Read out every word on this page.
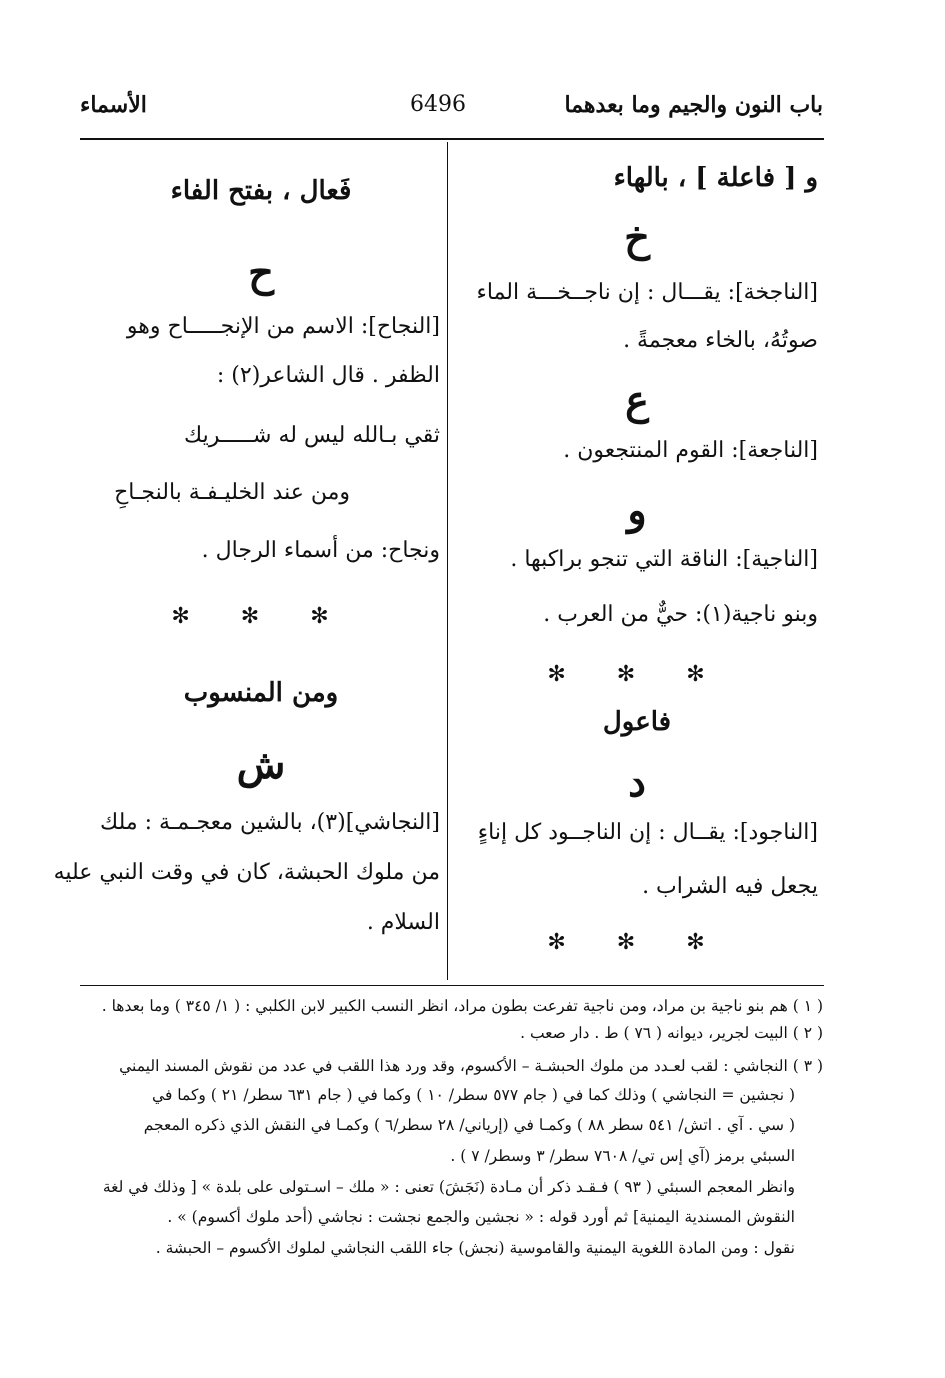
باب النون والجيم وما بعدهما
6496
الأسماء
و [ فاعلة ] ، بالهاء
خ
[الناجخة]: يقـــال : إن ناجــخـــة الماء
صوتُهُ، بالخاء معجمةً .
ع
[الناجعة]: القوم المنتجعون .
و
[الناجية]: الناقة التي تنجو براكبها .
وبنو ناجية(١): حيٌّ من العرب .
✻ ✻ ✻
فاعول
د
[الناجود]: يقــال : إن الناجــود كل إناءٍ
يجعل فيه الشراب .
✻ ✻ ✻
فَعال ، بفتح الفاء
ح
[النجاح]: الاسم من الإنجـــــاح وهو
الظفر . قال الشاعر(٢) :
ثقي بـالله ليس له شـــــريك
ومن عند الخليـفـة بالنجـاحِ
ونجاح: من أسماء الرجال .
✻ ✻ ✻
ومن المنسوب
ش
[النجاشي](٣)، بالشين معجـمـة : ملك
من ملوك الحبشة، كان في وقت النبي عليه
السلام .
( ١ ) هم بنو ناجية بن مراد، ومن ناجية تفرعت بطون مراد، انظر النسب الكبير لابن الكلبي : ( ١/ ٣٤٥ ) وما بعدها .
( ٢ ) البيت لجرير، ديوانه ( ٧٦ ) ط . دار صعب .
( ٣ ) النجاشي : لقب لعـدد من ملوك الحبشـة – الأكسوم، وقد ورد هذا اللقب في عدد من نقوش المسند اليمني
( نجشين = النجاشي ) وذلك كما في ( جام ٥٧٧ سطر/ ١٠ ) وكما في ( جام ٦٣١ سطر/ ٢١ ) وكما في
( سي . آي . اتش/ ٥٤١ سطر ٨٨ ) وكمـا في (إرياني/ ٢٨ سطر/٦ ) وكمـا في النقش الذي ذكره المعجم
السبئي برمز (آي إس تي/ ٧٦٠٨ سطر/ ٣ وسطر/ ٧ ) .
وانظر المعجم السبئي ( ٩٣ ) فـقـد ذكر أن مـادة (نَجَشَ) تعنى : « ملك – اسـتولى على بلدة » [ وذلك في لغة
النقوش المسندية اليمنية] ثم أورد قوله : « نجشين والجمع نجشت : نجاشي (أحد ملوك أكسوم) » .
نقول : ومن المادة اللغوية اليمنية والقاموسية (نجش) جاء اللقب النجاشي لملوك الأكسوم – الحبشة .
